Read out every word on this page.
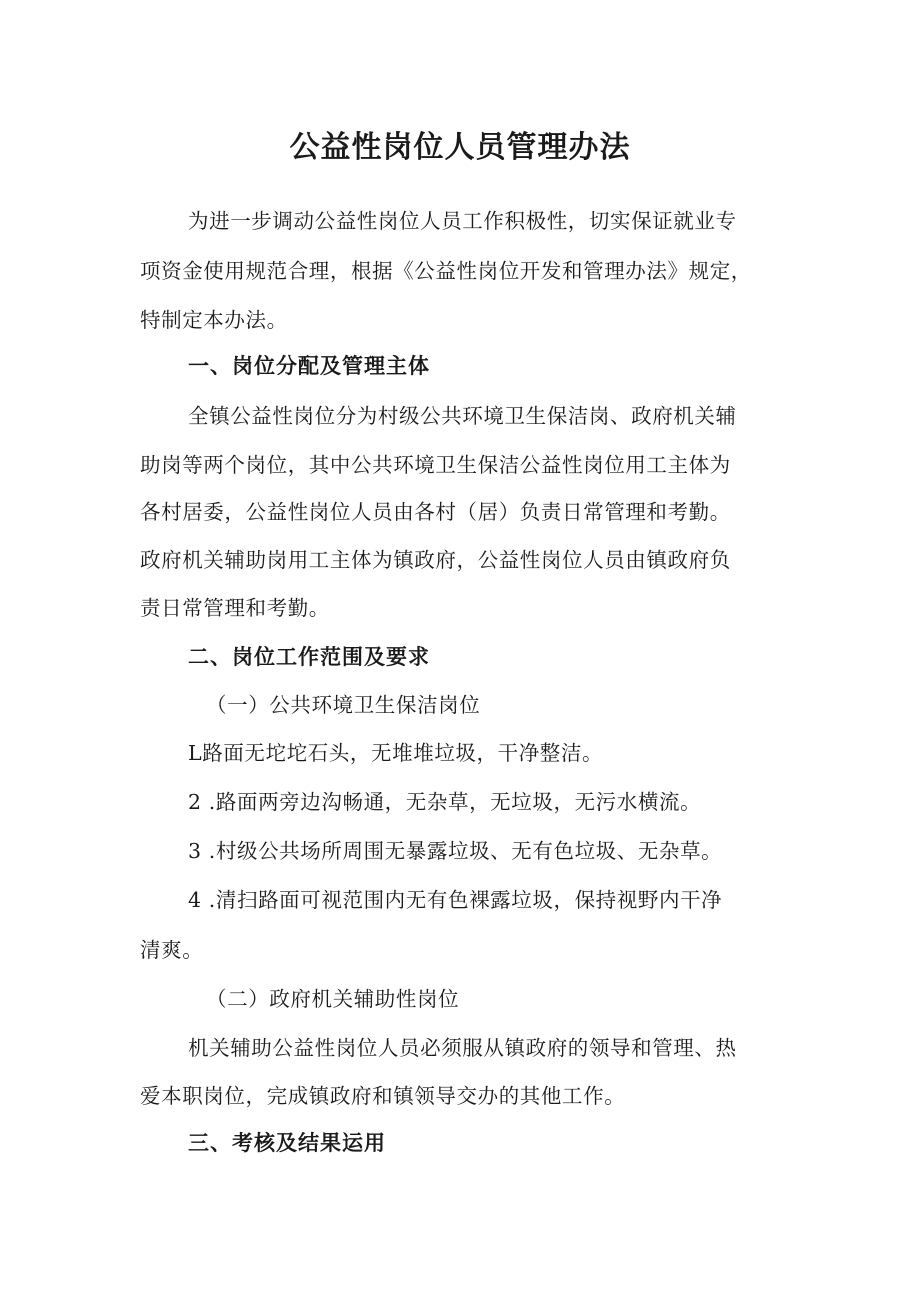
公益性岗位人员管理办法

为进一步调动公益性岗位人员工作积极性，切实保证就业专

项资金使用规范合理，根据《公益性岗位开发和管理办法》规定，

特制定本办法。

一、岗位分配及管理主体

全镇公益性岗位分为村级公共环境卫生保洁岗、政府机关辅

助岗等两个岗位，其中公共环境卫生保洁公益性岗位用工主体为

各村居委，公益性岗位人员由各村（居）负责日常管理和考勤。

政府机关辅助岗用工主体为镇政府，公益性岗位人员由镇政府负

责日常管理和考勤。

二、岗位工作范围及要求

（一）公共环境卫生保洁岗位

L路面无坨坨石头，无堆堆垃圾，干净整洁。

2 .路面两旁边沟畅通，无杂草，无垃圾，无污水横流。

3 .村级公共场所周围无暴露垃圾、无有色垃圾、无杂草。

4 .清扫路面可视范围内无有色裸露垃圾，保持视野内干净

清爽。

（二）政府机关辅助性岗位

机关辅助公益性岗位人员必须服从镇政府的领导和管理、热

爱本职岗位，完成镇政府和镇领导交办的其他工作。

三、考核及结果运用
